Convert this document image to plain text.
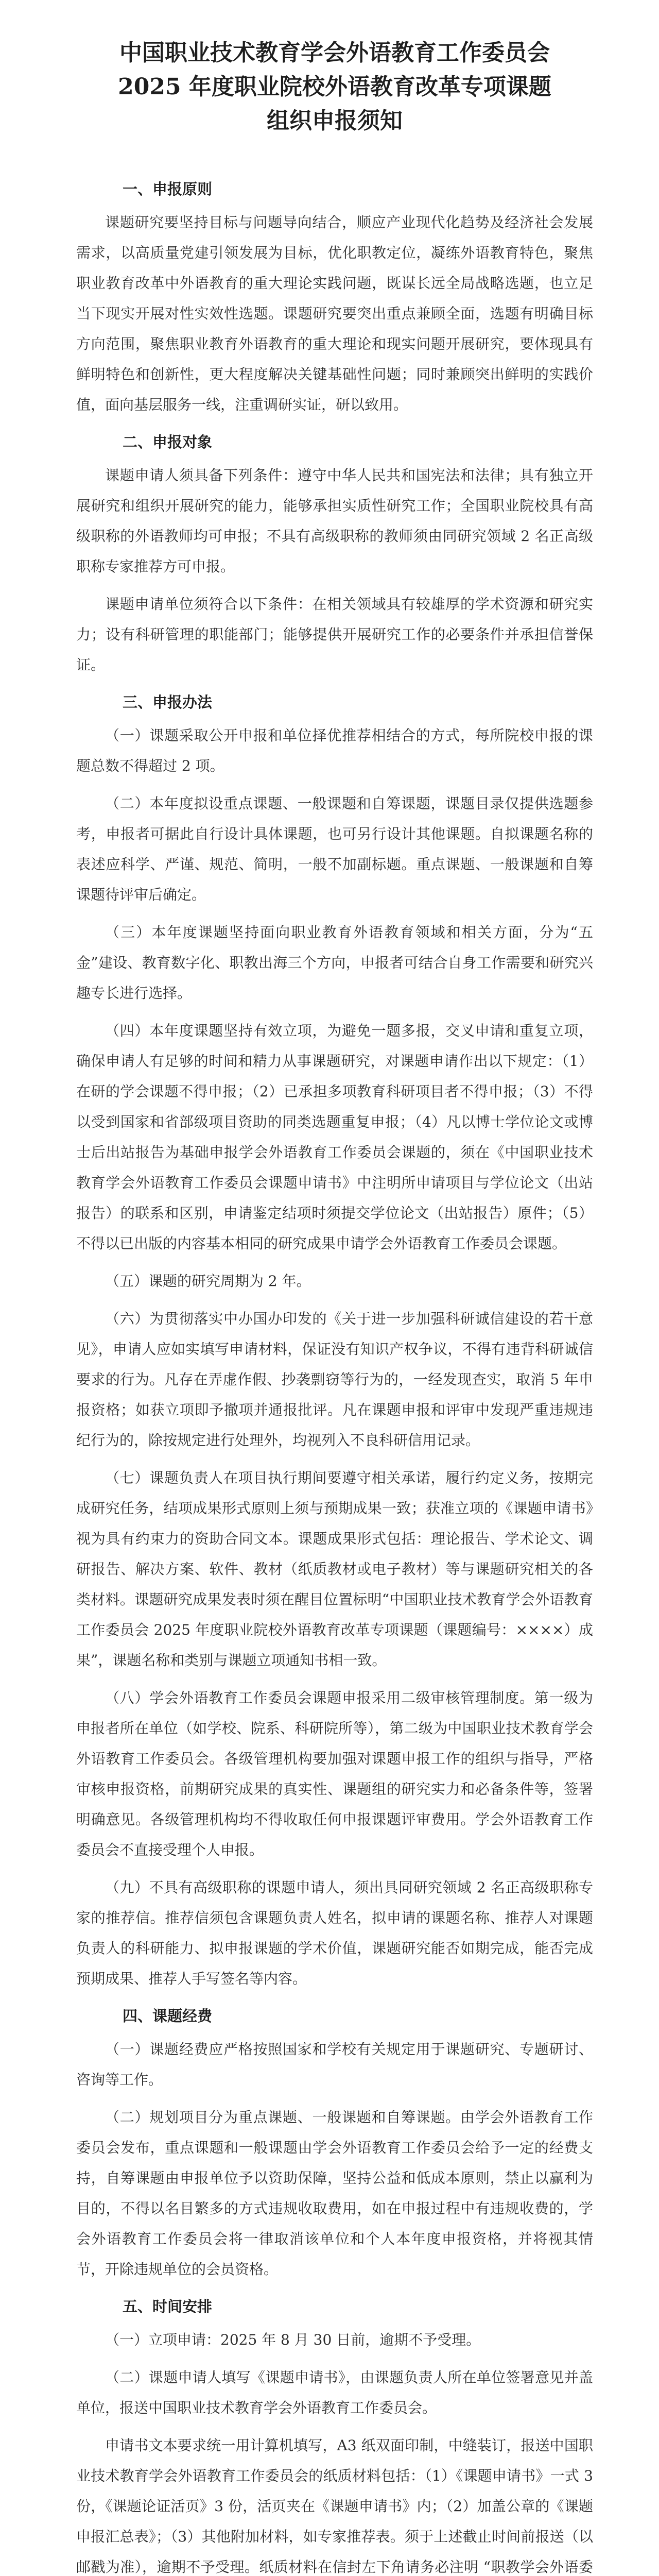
中国职业技术教育学会外语教育工作委员会
2025 年度职业院校外语教育改革专项课题
组织申报须知
一、申报原则

课题研究要坚持目标与问题导向结合，顺应产业现代化趋势及经济社会发展需求，以高质量党建引领发展为目标，优化职教定位，凝练外语教育特色，聚焦职业教育改革中外语教育的重大理论实践问题，既谋长远全局战略选题，也立足当下现实开展对性实效性选题。课题研究要突出重点兼顾全面，选题有明确目标方向范围，聚焦职业教育外语教育的重大理论和现实问题开展研究，要体现具有鲜明特色和创新性，更大程度解决关键基础性问题；同时兼顾突出鲜明的实践价值，面向基层服务一线，注重调研实证，研以致用。

二、申报对象

课题申请人须具备下列条件：遵守中华人民共和国宪法和法律；具有独立开展研究和组织开展研究的能力，能够承担实质性研究工作；全国职业院校具有高级职称的外语教师均可申报；不具有高级职称的教师须由同研究领域 2 名正高级职称专家推荐方可申报。

课题申请单位须符合以下条件：在相关领域具有较雄厚的学术资源和研究实力；设有科研管理的职能部门；能够提供开展研究工作的必要条件并承担信誉保证。

三、申报办法

（一）课题采取公开申报和单位择优推荐相结合的方式，每所院校申报的课题总数不得超过 2 项。

（二）本年度拟设重点课题、一般课题和自筹课题，课题目录仅提供选题参考，申报者可据此自行设计具体课题，也可另行设计其他课题。自拟课题名称的表述应科学、严谨、规范、简明，一般不加副标题。重点课题、一般课题和自筹课题待评审后确定。

（三）本年度课题坚持面向职业教育外语教育领域和相关方面，分为“五金”建设、教育数字化、职教出海三个方向，申报者可结合自身工作需要和研究兴趣专长进行选择。

（四）本年度课题坚持有效立项，为避免一题多报，交叉申请和重复立项，确保申请人有足够的时间和精力从事课题研究，对课题申请作出以下规定：（1）在研的学会课题不得申报；（2）已承担多项教育科研项目者不得申报；（3）不得以受到国家和省部级项目资助的同类选题重复申报；（4）凡以博士学位论文或博士后出站报告为基础申报学会外语教育工作委员会课题的，须在《中国职业技术教育学会外语教育工作委员会课题申请书》中注明所申请项目与学位论文（出站报告）的联系和区别，申请鉴定结项时须提交学位论文（出站报告）原件；（5）不得以已出版的内容基本相同的研究成果申请学会外语教育工作委员会课题。

（五）课题的研究周期为 2 年。

（六）为贯彻落实中办国办印发的《关于进一步加强科研诚信建设的若干意见》，申请人应如实填写申请材料，保证没有知识产权争议，不得有违背科研诚信要求的行为。凡存在弄虚作假、抄袭剽窃等行为的，一经发现查实，取消 5 年申报资格；如获立项即予撤项并通报批评。凡在课题申报和评审中发现严重违规违纪行为的，除按规定进行处理外，均视列入不良科研信用记录。

（七）课题负责人在项目执行期间要遵守相关承诺，履行约定义务，按期完成研究任务，结项成果形式原则上须与预期成果一致；获准立项的《课题申请书》视为具有约束力的资助合同文本。课题成果形式包括：理论报告、学术论文、调研报告、解决方案、软件、教材（纸质教材或电子教材）等与课题研究相关的各类材料。课题研究成果发表时须在醒目位置标明“中国职业技术教育学会外语教育工作委员会 2025 年度职业院校外语教育改革专项课题（课题编号：××××）成果”，课题名称和类别与课题立项通知书相一致。

（八）学会外语教育工作委员会课题申报采用二级审核管理制度。第一级为申报者所在单位（如学校、院系、科研院所等），第二级为中国职业技术教育学会外语教育工作委员会。各级管理机构要加强对课题申报工作的组织与指导，严格审核申报资格，前期研究成果的真实性、课题组的研究实力和必备条件等，签署明确意见。各级管理机构均不得收取任何申报课题评审费用。学会外语教育工作委员会不直接受理个人申报。

（九）不具有高级职称的课题申请人，须出具同研究领域 2 名正高级职称专家的推荐信。推荐信须包含课题负责人姓名，拟申请的课题名称、推荐人对课题负责人的科研能力、拟申报课题的学术价值，课题研究能否如期完成，能否完成预期成果、推荐人手写签名等内容。

四、课题经费

（一）课题经费应严格按照国家和学校有关规定用于课题研究、专题研讨、咨询等工作。

（二）规划项目分为重点课题、一般课题和自筹课题。由学会外语教育工作委员会发布，重点课题和一般课题由学会外语教育工作委员会给予一定的经费支持，自筹课题由申报单位予以资助保障，坚持公益和低成本原则，禁止以赢利为目的，不得以名目繁多的方式违规收取费用，如在申报过程中有违规收费的，学会外语教育工作委员会将一律取消该单位和个人本年度申报资格，并将视其情节，开除违规单位的会员资格。

五、时间安排

（一）立项申请：2025 年 8 月 30 日前，逾期不予受理。

（二）课题申请人填写《课题申请书》，由课题负责人所在单位签署意见并盖单位，报送中国职业技术教育学会外语教育工作委员会。

申请书文本要求统一用计算机填写，A3 纸双面印制，中缝装订，报送中国职业技术教育学会外语教育工作委员会的纸质材料包括：（1）《课题申请书》一式 3 份，《课题论证活页》3 份，活页夹在《课题申请书》内；（2）加盖公章的《课题申报汇总表》；（3）其他附加材料，如专家推荐表。须于上述截止时间前报送（以邮戳为准），逾期不予受理。纸质材料在信封左下角请务必注明 “职教学会外语委
